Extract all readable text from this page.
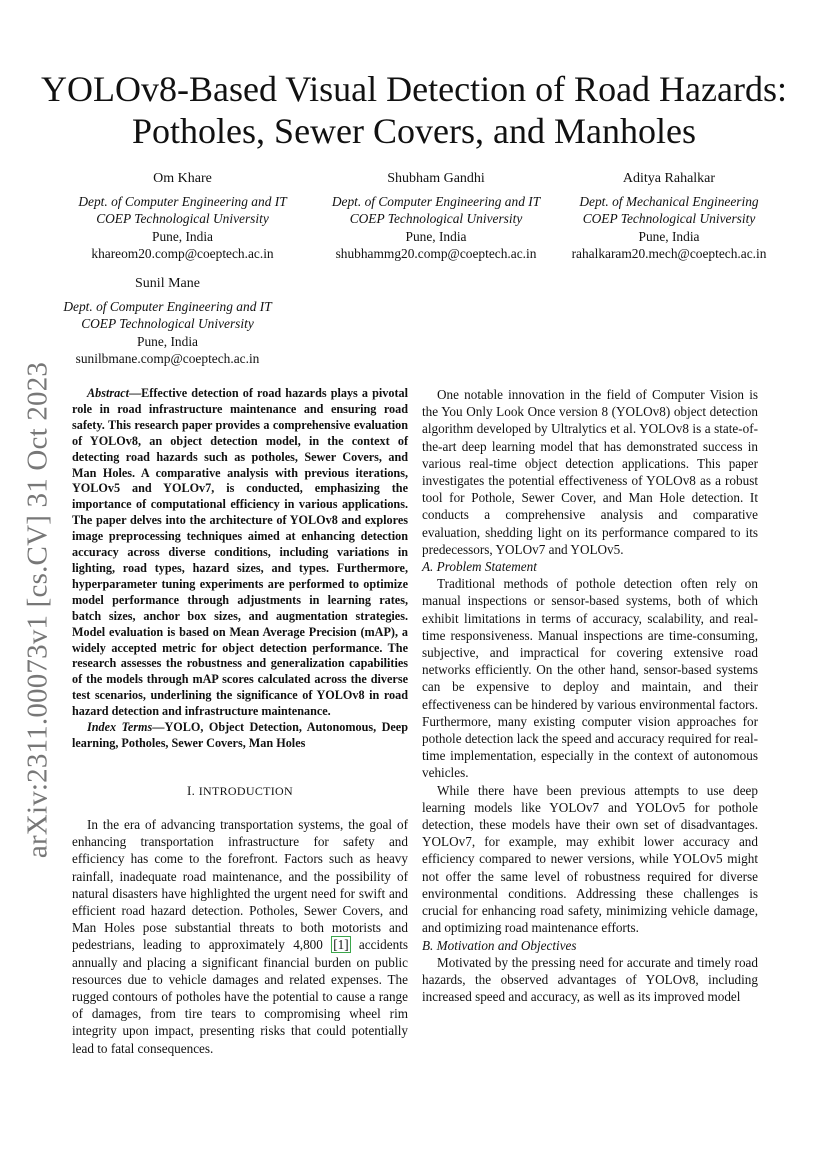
arXiv:2311.00073v1 [cs.CV] 31 Oct 2023
YOLOv8-Based Visual Detection of Road Hazards:
Potholes, Sewer Covers, and Manholes
Om Khare
Dept. of Computer Engineering and IT
COEP Technological University
Pune, India
khareom20.comp@coeptech.ac.in
Shubham Gandhi
Dept. of Computer Engineering and IT
COEP Technological University
Pune, India
shubhammg20.comp@coeptech.ac.in
Aditya Rahalkar
Dept. of Mechanical Engineering
COEP Technological University
Pune, India
rahalkaram20.mech@coeptech.ac.in
Sunil Mane
Dept. of Computer Engineering and IT
COEP Technological University
Pune, India
sunilbmane.comp@coeptech.ac.in

Abstract—Effective detection of road hazards plays a pivotal role in road infrastructure maintenance and ensuring road safety. This research paper provides a comprehensive evaluation of YOLOv8, an object detection model, in the context of detecting road hazards such as potholes, Sewer Covers, and Man Holes. A comparative analysis with previous iterations, YOLOv5 and YOLOv7, is conducted, emphasizing the importance of computational efficiency in various applications. The paper delves into the architecture of YOLOv8 and explores image preprocessing techniques aimed at enhancing detection accuracy across diverse conditions, including variations in lighting, road types, hazard sizes, and types. Furthermore, hyperparameter tuning experiments are performed to optimize model performance through adjustments in learning rates, batch sizes, anchor box sizes, and augmentation strategies. Model evaluation is based on Mean Average Precision (mAP), a widely accepted metric for object detection performance. The research assesses the robustness and generalization capabilities of the models through mAP scores calculated across the diverse test scenarios, underlining the significance of YOLOv8 in road hazard detection and infrastructure maintenance.

Index Terms—YOLO, Object Detection, Autonomous, Deep learning, Potholes, Sewer Covers, Man Holes

I. INTRODUCTION

In the era of advancing transportation systems, the goal of enhancing transportation infrastructure for safety and efficiency has come to the forefront. Factors such as heavy rainfall, inadequate road maintenance, and the possibility of natural disasters have highlighted the urgent need for swift and efficient road hazard detection. Potholes, Sewer Covers, and Man Holes pose substantial threats to both motorists and pedestrians, leading to approximately 4,800 [1] accidents annually and placing a significant financial burden on public resources due to vehicle damages and related expenses. The rugged contours of potholes have the potential to cause a range of damages, from tire tears to compromising wheel rim integrity upon impact, presenting risks that could potentially lead to fatal consequences.

One notable innovation in the field of Computer Vision is the You Only Look Once version 8 (YOLOv8) object detection algorithm developed by Ultralytics et al. YOLOv8 is a state-of-the-art deep learning model that has demonstrated success in various real-time object detection applications. This paper investigates the potential effectiveness of YOLOv8 as a robust tool for Pothole, Sewer Cover, and Man Hole detection. It conducts a comprehensive analysis and comparative evaluation, shedding light on its performance compared to its predecessors, YOLOv7 and YOLOv5.

A. Problem Statement

Traditional methods of pothole detection often rely on manual inspections or sensor-based systems, both of which exhibit limitations in terms of accuracy, scalability, and real-time responsiveness. Manual inspections are time-consuming, subjective, and impractical for covering extensive road networks efficiently. On the other hand, sensor-based systems can be expensive to deploy and maintain, and their effectiveness can be hindered by various environmental factors. Furthermore, many existing computer vision approaches for pothole detection lack the speed and accuracy required for real-time implementation, especially in the context of autonomous vehicles.

While there have been previous attempts to use deep learning models like YOLOv7 and YOLOv5 for pothole detection, these models have their own set of disadvantages. YOLOv7, for example, may exhibit lower accuracy and efficiency compared to newer versions, while YOLOv5 might not offer the same level of robustness required for diverse environmental conditions. Addressing these challenges is crucial for enhancing road safety, minimizing vehicle damage, and optimizing road maintenance efforts.

B. Motivation and Objectives

Motivated by the pressing need for accurate and timely road hazards, the observed advantages of YOLOv8, including increased speed and accuracy, as well as its improved model
